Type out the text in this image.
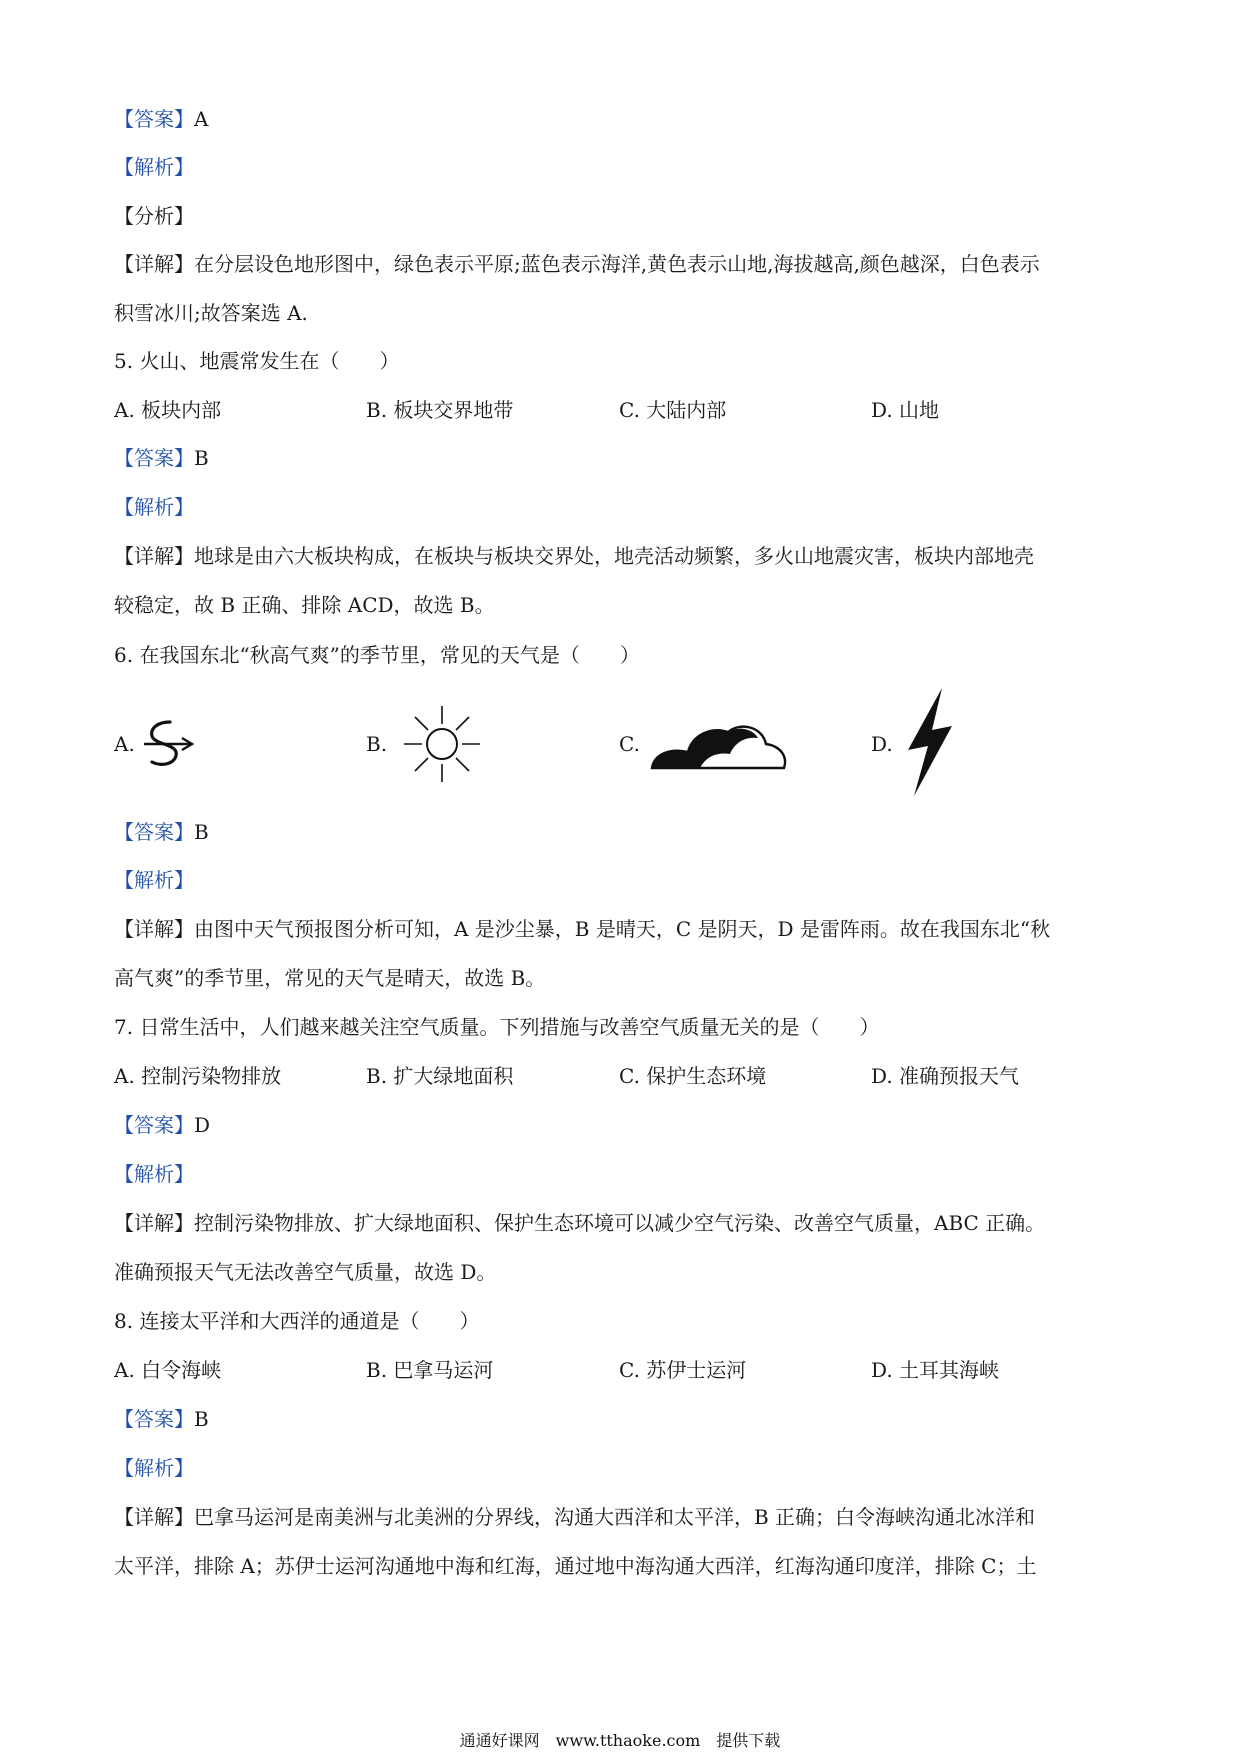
【答案】A
【解析】
【分析】
【详解】在分层设色地形图中，绿色表示平原;蓝色表示海洋,黄色表示山地,海拔越高,颜色越深，白色表示
积雪冰川;故答案选 A.
5. 火山、地震常发生在（　　）
A. 板块内部	B. 板块交界地带	C. 大陆内部	D. 山地
【答案】B
【解析】
【详解】地球是由六大板块构成，在板块与板块交界处，地壳活动频繁，多火山地震灾害，板块内部地壳
较稳定，故 B 正确、排除 ACD，故选 B。
6. 在我国东北“秋高气爽”的季节里，常见的天气是（　　）
A.	B.	C.	D.
【答案】B
【解析】
【详解】由图中天气预报图分析可知，A 是沙尘暴，B 是晴天，C 是阴天，D 是雷阵雨。故在我国东北“秋
高气爽”的季节里，常见的天气是晴天，故选 B。
7. 日常生活中，人们越来越关注空气质量。下列措施与改善空气质量无关的是（　　）
A. 控制污染物排放	B. 扩大绿地面积	C. 保护生态环境	D. 准确预报天气
【答案】D
【解析】
【详解】控制污染物排放、扩大绿地面积、保护生态环境可以减少空气污染、改善空气质量，ABC 正确。
准确预报天气无法改善空气质量，故选 D。
8. 连接太平洋和大西洋的通道是（　　）
A. 白令海峡	B. 巴拿马运河	C. 苏伊士运河	D. 土耳其海峡
【答案】B
【解析】
【详解】巴拿马运河是南美洲与北美洲的分界线，沟通大西洋和太平洋，B 正确；白令海峡沟通北冰洋和
太平洋，排除 A；苏伊士运河沟通地中海和红海，通过地中海沟通大西洋，红海沟通印度洋，排除 C；土
通通好课网　www.tthaoke.com　提供下载
